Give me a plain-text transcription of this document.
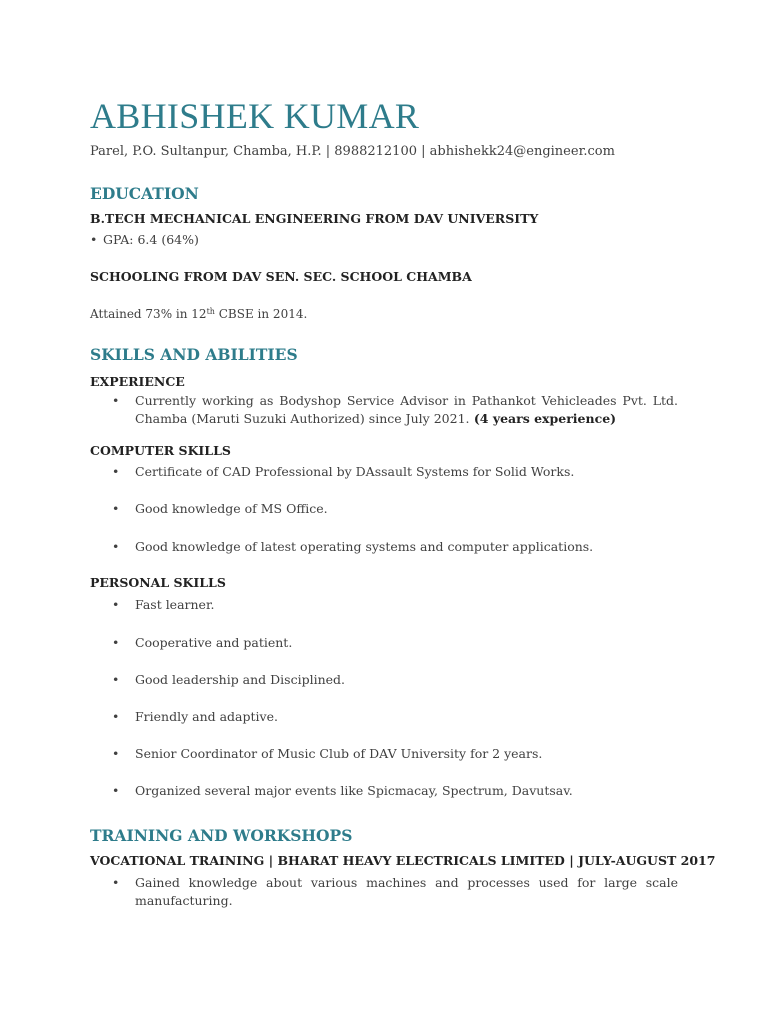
ABHISHEK KUMAR
Parel, P.O. Sultanpur, Chamba, H.P. | 8988212100 | abhishekk24@engineer.com
EDUCATION
B.TECH MECHANICAL ENGINEERING FROM DAV UNIVERSITY
• GPA: 6.4 (64%)
SCHOOLING FROM DAV SEN. SEC. SCHOOL CHAMBA
Attained 73% in 12th CBSE in 2014.
SKILLS AND ABILITIES
EXPERIENCE
• Currently working as Bodyshop Service Advisor in Pathankot Vehicleades Pvt. Ltd. Chamba (Maruti Suzuki Authorized) since July 2021. (4 years experience)
COMPUTER SKILLS
• Certificate of CAD Professional by DAssault Systems for Solid Works.
• Good knowledge of MS Office.
• Good knowledge of latest operating systems and computer applications.
PERSONAL SKILLS
• Fast learner.
• Cooperative and patient.
• Good leadership and Disciplined.
• Friendly and adaptive.
• Senior Coordinator of Music Club of DAV University for 2 years.
• Organized several major events like Spicmacay, Spectrum, Davutsav.
TRAINING AND WORKSHOPS
VOCATIONAL TRAINING | BHARAT HEAVY ELECTRICALS LIMITED | JULY-AUGUST 2017
• Gained knowledge about various machines and processes used for large scale manufacturing.
